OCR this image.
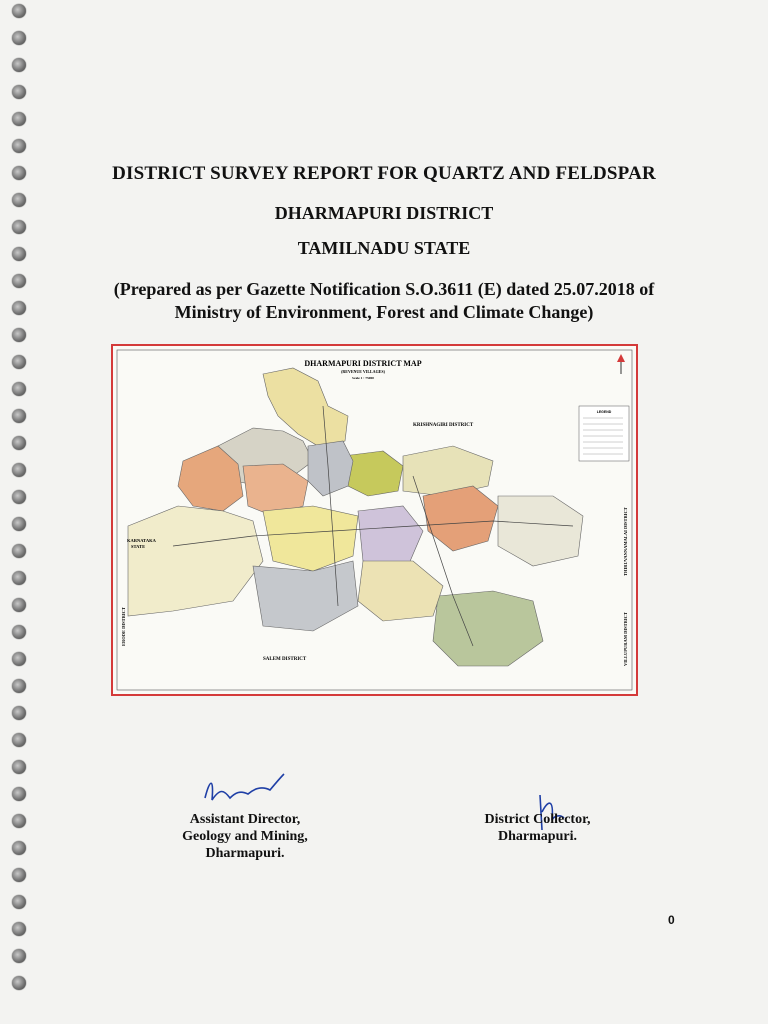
DISTRICT SURVEY REPORT FOR QUARTZ AND FELDSPAR
DHARMAPURI DISTRICT
TAMILNADU STATE
(Prepared as per Gazette Notification S.O.3611 (E) dated 25.07.2018 of
Ministry of Environment, Forest and Climate Change)
DHARMAPURI DISTRICT MAP
(REVENUE VILLAGES)
Scale 1 : 75000
LEGEND
KRISHNAGIRI DISTRICT
KARNATAKA
STATE
SALEM DISTRICT
ERODE DISTRICT
THIRUVANNAMALAI DISTRICT
VILLUPURAM DISTRICT
Assistant Director,
Geology and Mining,
Dharmapuri.
District Collector,
Dharmapuri.
0
